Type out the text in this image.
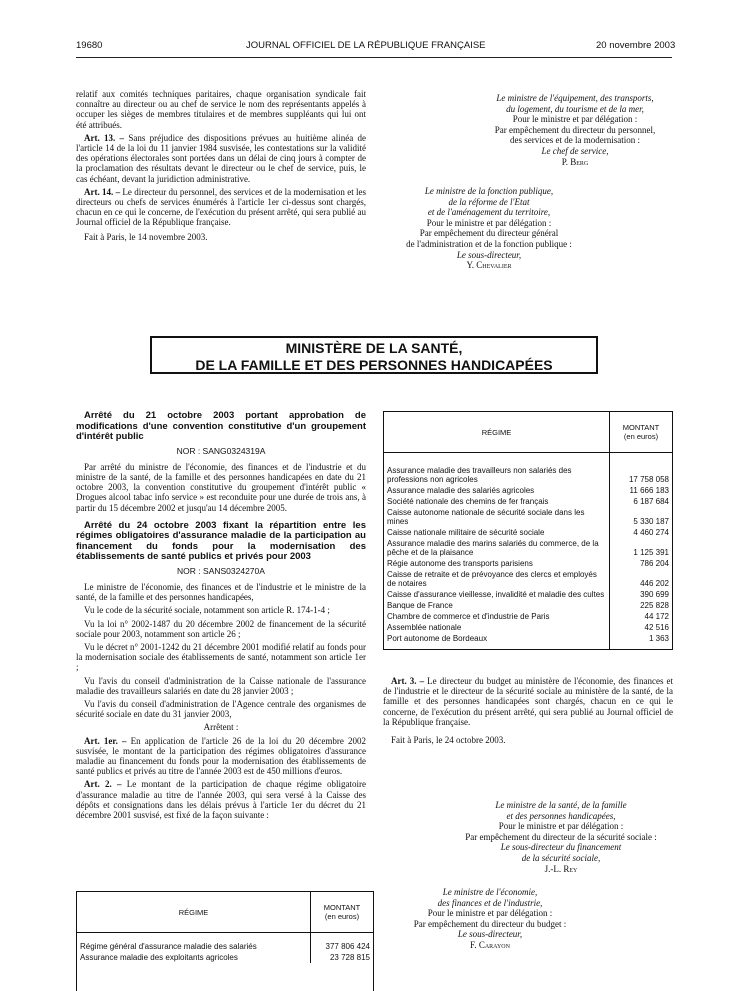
19680	JOURNAL OFFICIEL DE LA RÉPUBLIQUE FRANÇAISE	20 novembre 2003

relatif aux comités techniques paritaires, chaque organisation syndicale fait connaître au directeur ou au chef de service le nom des représentants appelés à occuper les sièges de membres titulaires et de membres suppléants qui lui ont été attribués.

Art. 13. – Sans préjudice des dispositions prévues au huitième alinéa de l'article 14 de la loi du 11 janvier 1984 susvisée, les contestations sur la validité des opérations électorales sont portées dans un délai de cinq jours à compter de la proclamation des résultats devant le directeur ou le chef de service, puis, le cas échéant, devant la juridiction administrative.

Art. 14. – Le directeur du personnel, des services et de la modernisation et les directeurs ou chefs de services énumérés à l'article 1er ci-dessus sont chargés, chacun en ce qui le concerne, de l'exécution du présent arrêté, qui sera publié au Journal officiel de la République française.

Fait à Paris, le 14 novembre 2003.

Le ministre de l'équipement, des transports,
du logement, du tourisme et de la mer,
Pour le ministre et par délégation :
Par empêchement du directeur du personnel,
des services et de la modernisation :
Le chef de service,
P. Berg
Le ministre de la fonction publique,
de la réforme de l'Etat
et de l'aménagement du territoire,
Pour le ministre et par délégation :
Par empêchement du directeur général
de l'administration et de la fonction publique :
Le sous-directeur,
Y. Chevalier
MINISTÈRE DE LA SANTÉ,
DE LA FAMILLE ET DES PERSONNES HANDICAPÉES

Arrêté du 21 octobre 2003 portant approbation de modifications d'une convention constitutive d'un groupement d'intérêt public

NOR : SANG0324319A

Par arrêté du ministre de l'économie, des finances et de l'industrie et du ministre de la santé, de la famille et des personnes handicapées en date du 21 octobre 2003, la convention constitutive du groupement d'intérêt public « Drogues alcool tabac info service » est reconduite pour une durée de trois ans, à partir du 15 décembre 2002 et jusqu'au 14 décembre 2005.

Arrêté du 24 octobre 2003 fixant la répartition entre les régimes obligatoires d'assurance maladie de la participation au financement du fonds pour la modernisation des établissements de santé publics et privés pour 2003

NOR : SANS0324270A

Le ministre de l'économie, des finances et de l'industrie et le ministre de la santé, de la famille et des personnes handicapées,

Vu le code de la sécurité sociale, notamment son article R. 174-1-4 ;

Vu la loi n° 2002-1487 du 20 décembre 2002 de financement de la sécurité sociale pour 2003, notamment son article 26 ;

Vu le décret n° 2001-1242 du 21 décembre 2001 modifié relatif au fonds pour la modernisation sociale des établissements de santé, notamment son article 1er ;

Vu l'avis du conseil d'administration de la Caisse nationale de l'assurance maladie des travailleurs salariés en date du 28 janvier 2003 ;

Vu l'avis du conseil d'administration de l'Agence centrale des organismes de sécurité sociale en date du 31 janvier 2003,

Arrêtent :

Art. 1er. – En application de l'article 26 de la loi du 20 décembre 2002 susvisée, le montant de la participation des régimes obligatoires d'assurance maladie au financement du fonds pour la modernisation des établissements de santé publics et privés au titre de l'année 2003 est de 450 millions d'euros.

Art. 2. – Le montant de la participation de chaque régime obligatoire d'assurance maladie au titre de l'année 2003, qui sera versé à la Caisse des dépôts et consignations dans les délais prévus à l'article 1er du décret du 21 décembre 2001 susvisé, est fixé de la façon suivante :

RÉGIME	MONTANT
(en euros)

Régime général d'assurance maladie des salariés	377 806 424
Assurance maladie des exploitants agricoles	23 728 815
RÉGIME	MONTANT
(en euros)

Assurance maladie des travailleurs non salariés des professions non agricoles	17 758 058
Assurance maladie des salariés agricoles	11 666 183
Société nationale des chemins de fer français	6 187 684
Caisse autonome nationale de sécurité sociale dans les mines	5 330 187
Caisse nationale militaire de sécurité sociale	4 460 274
Assurance maladie des marins salariés du commerce, de la pêche et de la plaisance	1 125 391
Régie autonome des transports parisiens	786 204
Caisse de retraite et de prévoyance des clercs et employés de notaires	446 202
Caisse d'assurance vieillesse, invalidité et maladie des cultes	390 699
Banque de France	225 828
Chambre de commerce et d'industrie de Paris	44 172
Assemblée nationale	42 516
Port autonome de Bordeaux	1 363

Art. 3. – Le directeur du budget au ministère de l'économie, des finances et de l'industrie et le directeur de la sécurité sociale au ministère de la santé, de la famille et des personnes handicapées sont chargés, chacun en ce qui le concerne, de l'exécution du présent arrêté, qui sera publié au Journal officiel de la République française.

Fait à Paris, le 24 octobre 2003.

Le ministre de la santé, de la famille
et des personnes handicapées,
Pour le ministre et par délégation :
Par empêchement du directeur de la sécurité sociale :
Le sous-directeur du financement
de la sécurité sociale,
J.-L. Rey
Le ministre de l'économie,
des finances et de l'industrie,
Pour le ministre et par délégation :
Par empêchement du directeur du budget :
Le sous-directeur,
F. Carayon
